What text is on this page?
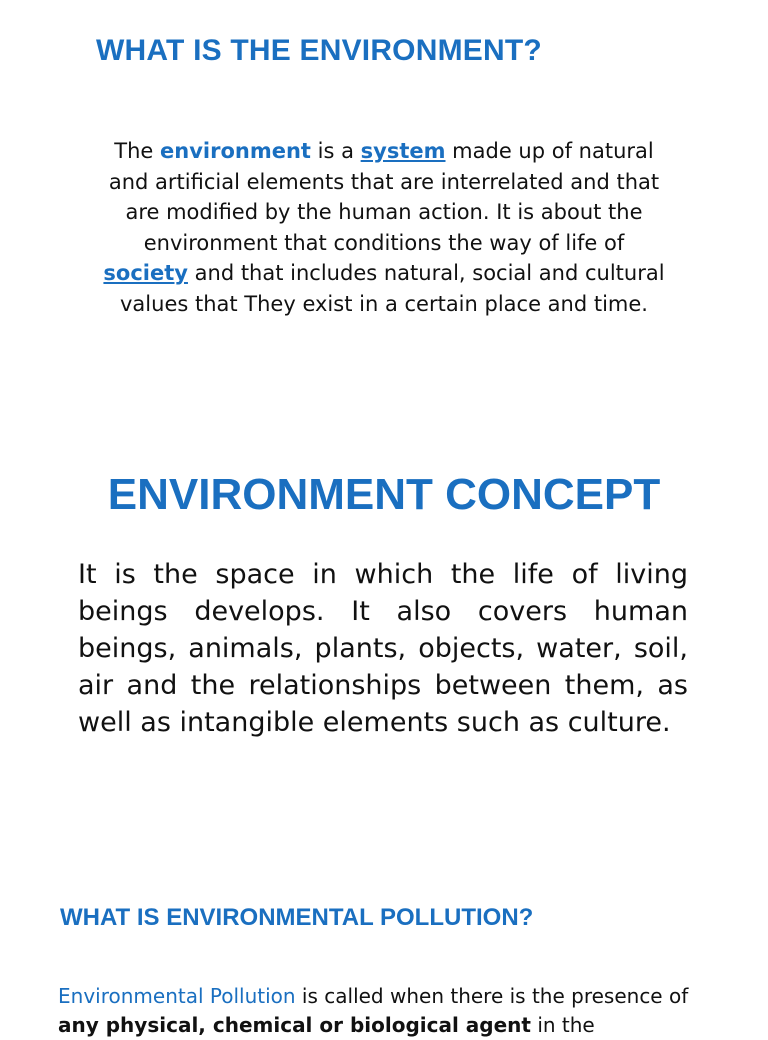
WHAT IS THE ENVIRONMENT?

The environment is a system made up of natural and artificial elements that are interrelated and that are modified by the human action. It is about the environment that conditions the way of life of society and that includes natural, social and cultural values that They exist in a certain place and time.

ENVIRONMENT CONCEPT

It is the space in which the life of living beings develops. It also covers human beings, animals, plants, objects, water, soil, air and the relationships between them, as well as intangible elements such as culture.

WHAT IS ENVIRONMENTAL POLLUTION?

Environmental Pollution is called when there is the presence of any physical, chemical or biological agent in the
